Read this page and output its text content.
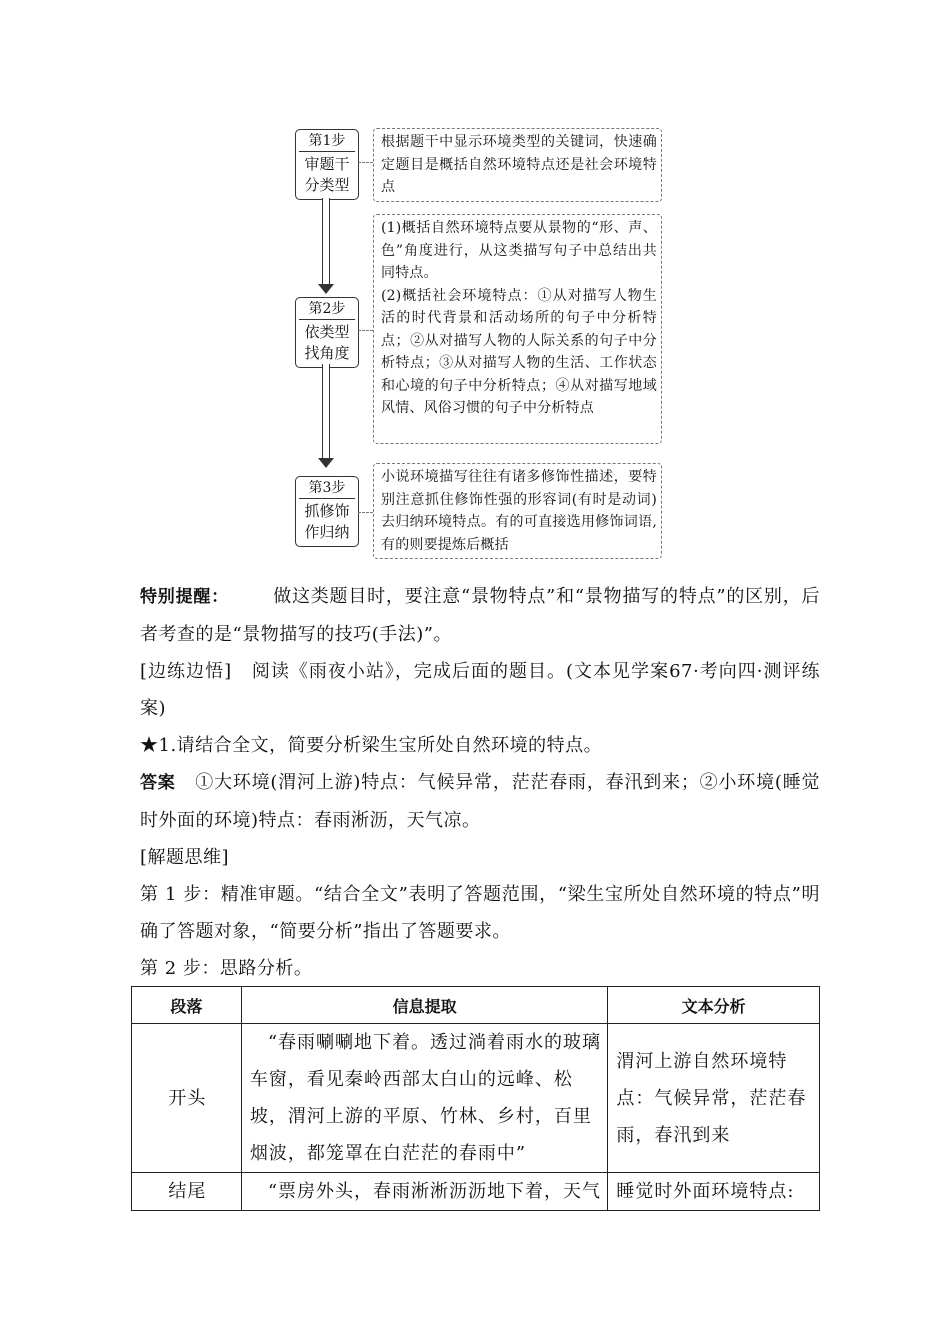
第1步
审题干
分类型

根据题干中显示环境类型的关键词，快速确定题目是概括自然环境特点还是社会环境特点

第2步
依类型
找角度

(1)概括自然环境特点要从景物的“形、声、色”角度进行，从这类描写句子中总结出共同特点。

(2)概括社会环境特点：①从对描写人物生活的时代背景和活动场所的句子中分析特点；②从对描写人物的人际关系的句子中分析特点；③从对描写人物的生活、工作状态和心境的句子中分析特点；④从对描写地域风情、风俗习惯的句子中分析特点

第3步
抓修饰
作归纳

小说环境描写往往有诸多修饰性描述，要特别注意抓住修饰性强的形容词(有时是动词)去归纳环境特点。有的可直接选用修饰词语,有的则要提炼后概括

特别提醒： 做这类题目时，要注意“景物特点”和“景物描写的特点”的区别，后者考查的是“景物描写的技巧(手法)”。

[边练边悟] 阅读《雨夜小站》，完成后面的题目。(文本见学案67·考向四·测评练案)

★1.请结合全文，简要分析梁生宝所处自然环境的特点。

答案 ①大环境(渭河上游)特点：气候异常，茫茫春雨，春汛到来；②小环境(睡觉时外面的环境)特点：春雨淅沥，天气凉。

[解题思维]

第 1 步：精准审题。“结合全文”表明了答题范围，“梁生宝所处自然环境的特点”明确了答题对象，“简要分析”指出了答题要求。

第 2 步：思路分析。

段落	信息提取	文本分析
开头	“春雨唰唰地下着。透过淌着雨水的玻璃车窗，看见秦岭西部太白山的远峰、松坡，渭河上游的平原、竹林、乡村，百里烟波，都笼罩在白茫茫的春雨中”	渭河上游自然环境特点：气候异常，茫茫春雨，春汛到来
结尾	“票房外头，春雨淅淅沥沥地下着，天气	睡觉时外面环境特点:
